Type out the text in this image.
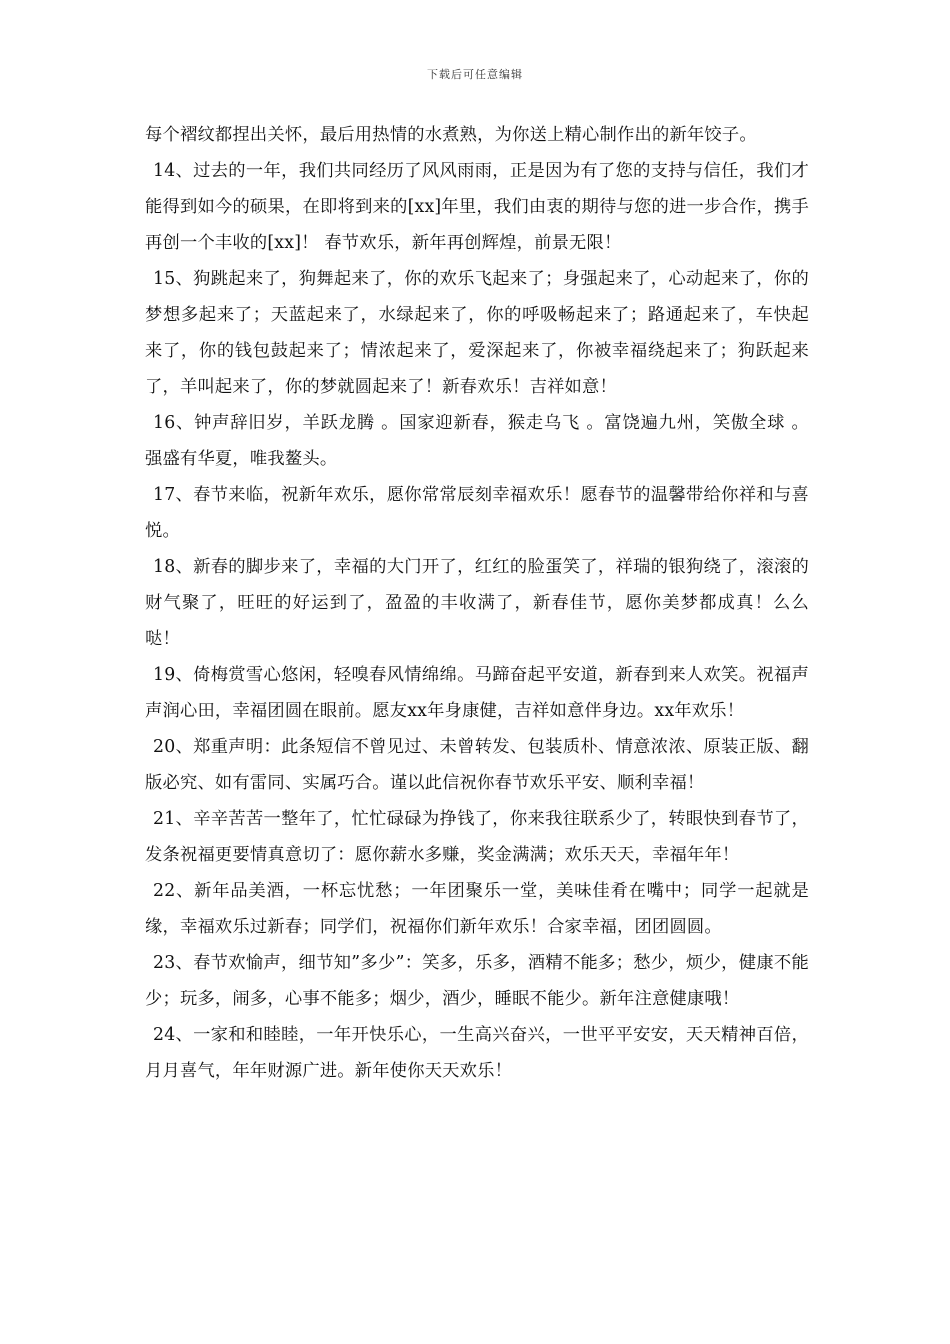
下载后可任意编辑

每个褶纹都捏出关怀，最后用热情的水煮熟，为你送上精心制作出的新年饺子。

14、过去的一年，我们共同经历了风风雨雨，正是因为有了您的支持与信任，我们才能得到如今的硕果，在即将到来的[xx]年里，我们由衷的期待与您的进一步合作，携手再创一个丰收的[xx]！ 春节欢乐，新年再创辉煌，前景无限！

15、狗跳起来了，狗舞起来了，你的欢乐飞起来了；身强起来了，心动起来了，你的梦想多起来了；天蓝起来了，水绿起来了，你的呼吸畅起来了；路通起来了，车快起来了，你的钱包鼓起来了；情浓起来了，爱深起来了，你被幸福绕起来了；狗跃起来了，羊叫起来了，你的梦就圆起来了！新春欢乐！吉祥如意！

16、钟声辞旧岁，羊跃龙腾 。国家迎新春，猴走乌飞 。富饶遍九州，笑傲全球 。 强盛有华夏，唯我鳌头。

17、春节来临，祝新年欢乐，愿你常常辰刻幸福欢乐！愿春节的温馨带给你祥和与喜悦。

18、新春的脚步来了，幸福的大门开了，红红的脸蛋笑了，祥瑞的银狗绕了，滚滚的财气聚了，旺旺的好运到了，盈盈的丰收满了，新春佳节，愿你美梦都成真！么么哒！

19、倚梅赏雪心悠闲，轻嗅春风情绵绵。马蹄奋起平安道，新春到来人欢笑。祝福声声润心田，幸福团圆在眼前。愿友xx年身康健，吉祥如意伴身边。xx年欢乐！

20、郑重声明：此条短信不曾见过、未曾转发、包装质朴、情意浓浓、原装正版、翻版必究、如有雷同、实属巧合。谨以此信祝你春节欢乐平安、顺利幸福！

21、辛辛苦苦一整年了，忙忙碌碌为挣钱了，你来我往联系少了，转眼快到春节了，发条祝福更要情真意切了：愿你薪水多赚，奖金满满；欢乐天天，幸福年年！

22、新年品美酒，一杯忘忧愁；一年团聚乐一堂，美味佳肴在嘴中；同学一起就是缘，幸福欢乐过新春；同学们，祝福你们新年欢乐！合家幸福，团团圆圆。

23、春节欢愉声，细节知”多少”：笑多，乐多，酒精不能多；愁少，烦少，健康不能少；玩多，闹多，心事不能多；烟少，酒少，睡眠不能少。新年注意健康哦！

24、一家和和睦睦，一年开快乐心，一生高兴奋兴，一世平平安安，天天精神百倍，月月喜气，年年财源广进。新年使你天天欢乐！
